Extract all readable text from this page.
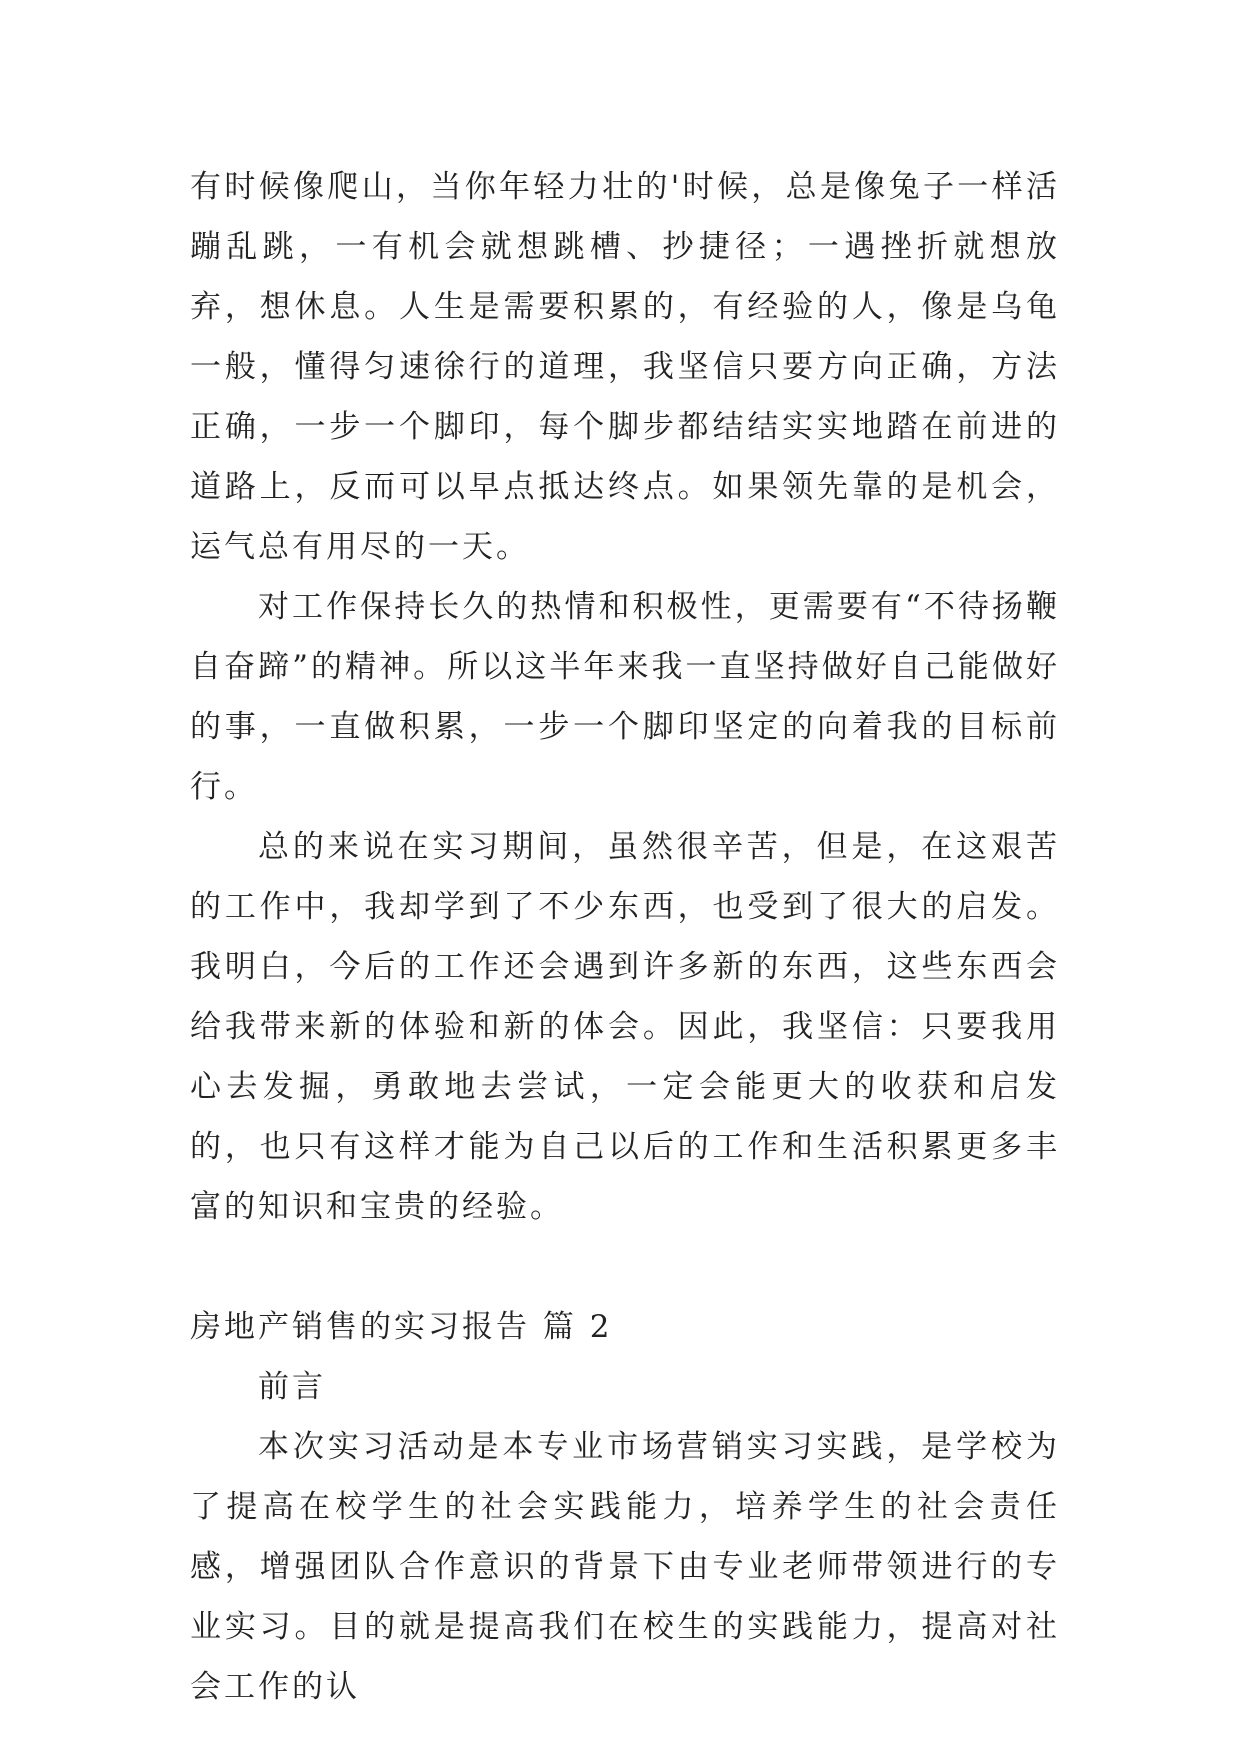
有时候像爬山，当你年轻力壮的'时候，总是像兔子一样活蹦乱跳，一有机会就想跳槽、抄捷径；一遇挫折就想放弃，想休息。人生是需要积累的，有经验的人，像是乌龟一般，懂得匀速徐行的道理，我坚信只要方向正确，方法正确，一步一个脚印，每个脚步都结结实实地踏在前进的道路上，反而可以早点抵达终点。如果领先靠的是机会，运气总有用尽的一天。

对工作保持长久的热情和积极性，更需要有“不待扬鞭自奋蹄”的精神。所以这半年来我一直坚持做好自己能做好的事，一直做积累，一步一个脚印坚定的向着我的目标前行。

总的来说在实习期间，虽然很辛苦，但是，在这艰苦的工作中，我却学到了不少东西，也受到了很大的启发。我明白，今后的工作还会遇到许多新的东西，这些东西会给我带来新的体验和新的体会。因此，我坚信：只要我用心去发掘，勇敢地去尝试，一定会能更大的收获和启发的，也只有这样才能为自己以后的工作和生活积累更多丰富的知识和宝贵的经验。

房地产销售的实习报告 篇 2

前言

本次实习活动是本专业市场营销实习实践，是学校为了提高在校学生的社会实践能力，培养学生的社会责任感，增强团队合作意识的背景下由专业老师带领进行的专业实习。目的就是提高我们在校生的实践能力，提高对社会工作的认
